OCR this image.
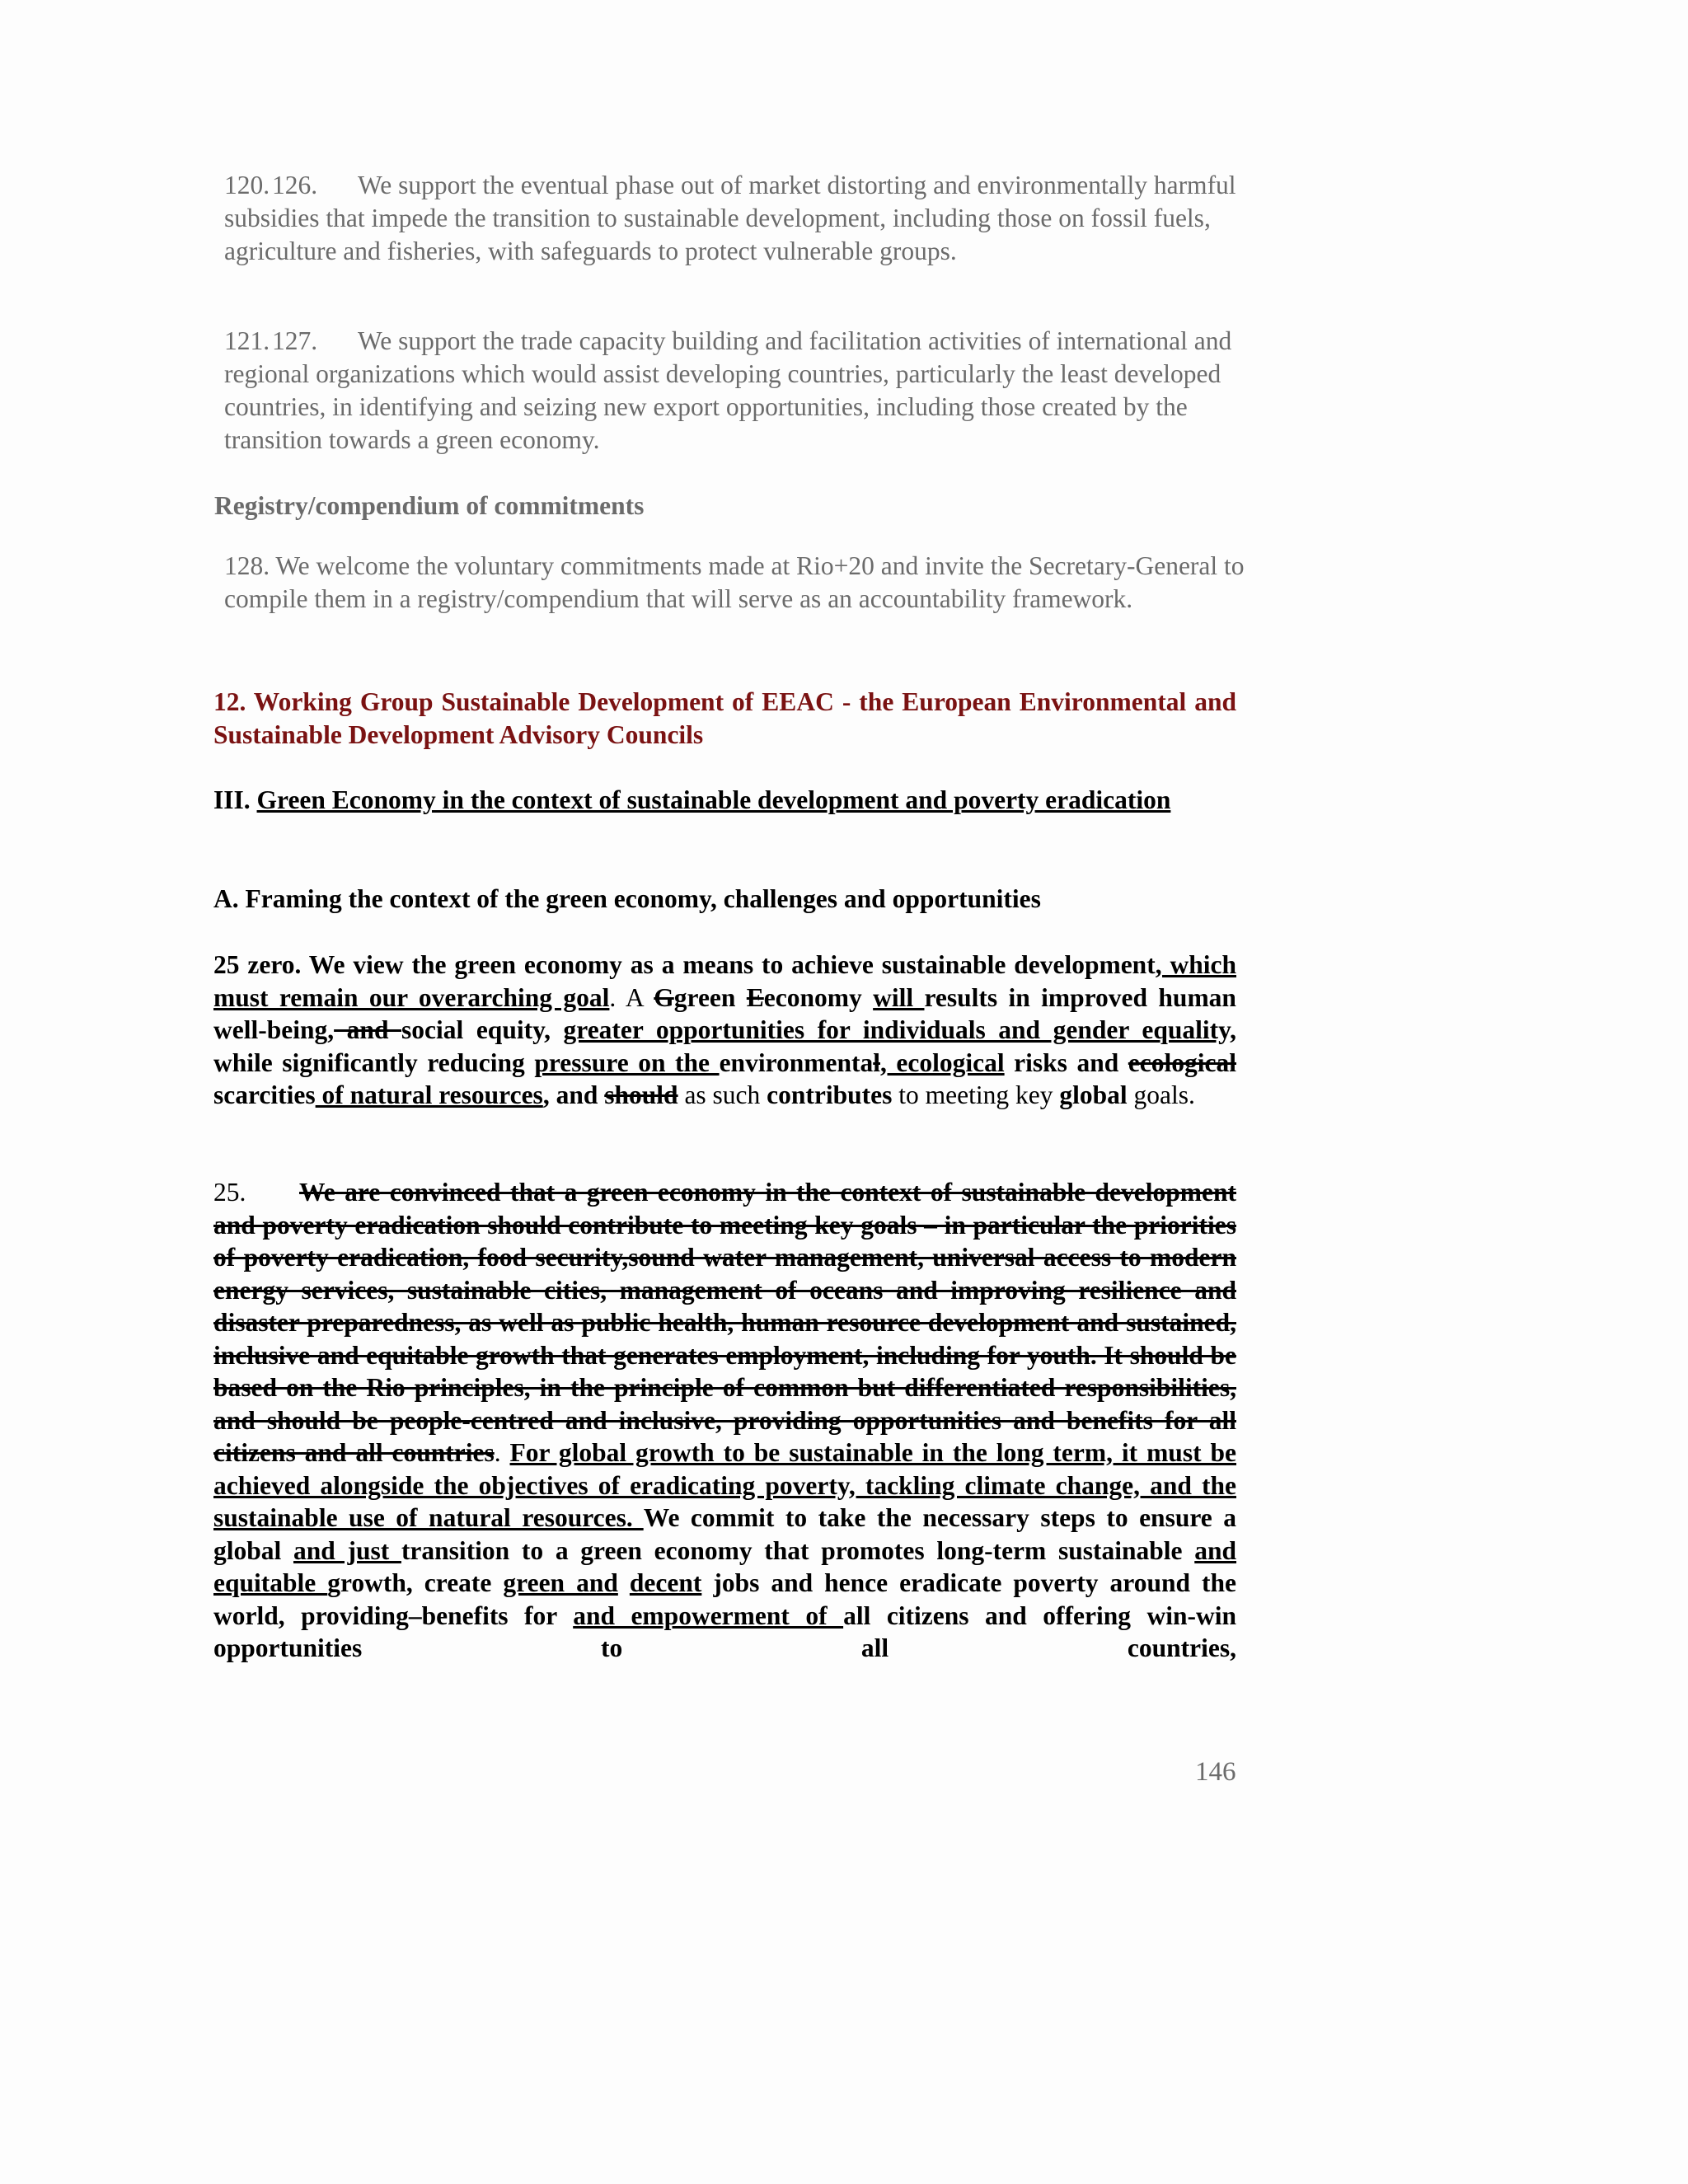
120.126. We support the eventual phase out of market distorting and environmentally harmful subsidies that impede the transition to sustainable development, including those on fossil fuels, agriculture and fisheries, with safeguards to protect vulnerable groups.

121.127. We support the trade capacity building and facilitation activities of international and regional organizations which would assist developing countries, particularly the least developed countries, in identifying and seizing new export opportunities, including those created by the transition towards a green economy.

Registry/compendium of commitments

128. We welcome the voluntary commitments made at Rio+20 and invite the Secretary-General to compile them in a registry/compendium that will serve as an accountability framework.

12. Working Group Sustainable Development of EEAC - the European Environmental and Sustainable Development Advisory Councils

III. Green Economy in the context of sustainable development and poverty eradication

A. Framing the context of the green economy, challenges and opportunities

25 zero. We view the green economy as a means to achieve sustainable development, which must remain our overarching goal. A Ggreen Eeconomy will results in improved human well-being, and social equity, greater opportunities for individuals and gender equality, while significantly reducing pressure on the environmental, ecological risks and ecological scarcities of natural resources, and should as such contributes to meeting key global goals.

25. We are convinced that a green economy in the context of sustainable development and poverty eradication should contribute to meeting key goals – in particular the priorities of poverty eradication, food security,sound water management, universal access to modern energy services, sustainable cities, management of oceans and improving resilience and disaster preparedness, as well as public health, human resource development and sustained, inclusive and equitable growth that generates employment, including for youth. It should be based on the Rio principles, in the principle of common but differentiated responsibilities, and should be people-centred and inclusive, providing opportunities and benefits for all citizens and all countries. For global growth to be sustainable in the long term, it must be achieved alongside the objectives of eradicating poverty, tackling climate change, and the sustainable use of natural resources. We commit to take the necessary steps to ensure a global and just transition to a green economy that promotes long-term sustainable and equitable growth, create green and decent jobs and hence eradicate poverty around the world, providing–benefits for and empowerment of all citizens and offering win-win opportunities to all countries,

146
